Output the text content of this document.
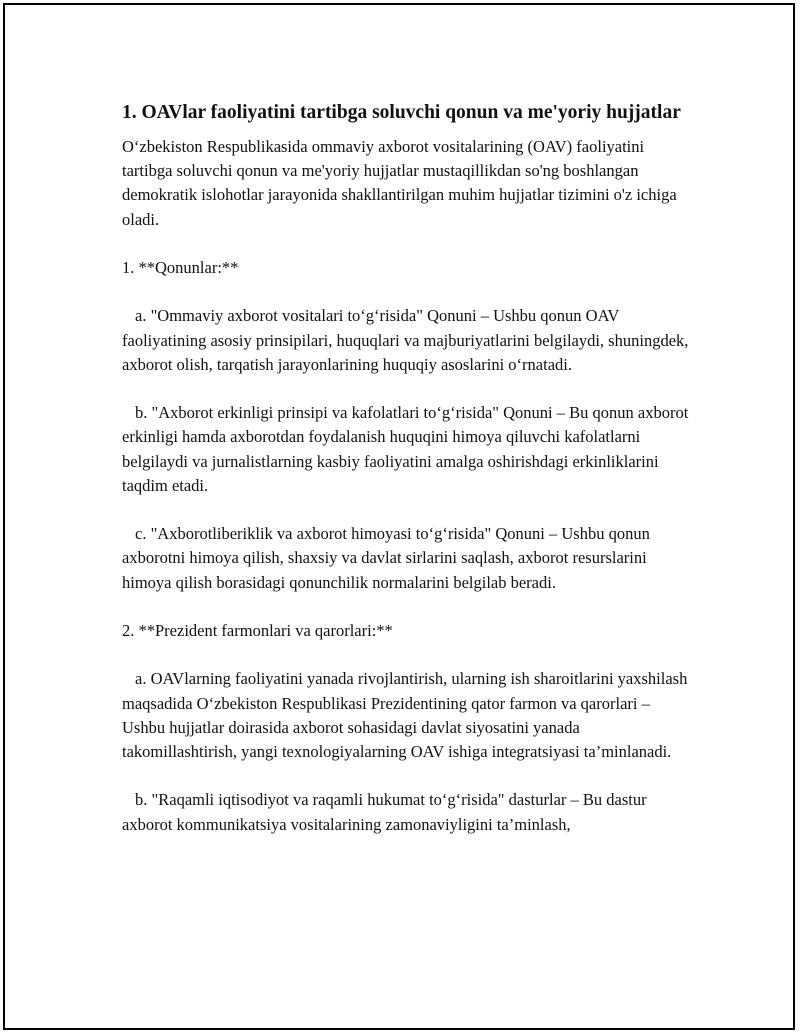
1. OAVlar faoliyatini tartibga soluvchi qonun va me'yoriy hujjatlar

O‘zbekiston Respublikasida ommaviy axborot vositalarining (OAV) faoliyatini tartibga soluvchi qonun va me'yoriy hujjatlar mustaqillikdan so'ng boshlangan demokratik islohotlar jarayonida shakllantirilgan muhim hujjatlar tizimini o'z ichiga oladi.

1. **Qonunlar:**

a. "Ommaviy axborot vositalari to‘g‘risida" Qonuni – Ushbu qonun OAV faoliyatining asosiy prinsipilari, huquqlari va majburiyatlarini belgilaydi, shuningdek, axborot olish, tarqatish jarayonlarining huquqiy asoslarini o‘rnatadi.

b. "Axborot erkinligi prinsipi va kafolatlari to‘g‘risida" Qonuni – Bu qonun axborot erkinligi hamda axborotdan foydalanish huquqini himoya qiluvchi kafolatlarni belgilaydi va jurnalistlarning kasbiy faoliyatini amalga oshirishdagi erkinliklarini taqdim etadi.

c. "Axborotliberiklik va axborot himoyasi to‘g‘risida" Qonuni – Ushbu qonun axborotni himoya qilish, shaxsiy va davlat sirlarini saqlash, axborot resurslarini himoya qilish borasidagi qonunchilik normalarini belgilab beradi.

2. **Prezident farmonlari va qarorlari:**

a. OAVlarning faoliyatini yanada rivojlantirish, ularning ish sharoitlarini yaxshilash maqsadida O‘zbekiston Respublikasi Prezidentining qator farmon va qarorlari – Ushbu hujjatlar doirasida axborot sohasidagi davlat siyosatini yanada takomillashtirish, yangi texnologiyalarning OAV ishiga integratsiyasi ta’minlanadi.

b. "Raqamli iqtisodiyot va raqamli hukumat to‘g‘risida" dasturlar – Bu dastur axborot kommunikatsiya vositalarining zamonaviyligini ta’minlash,
